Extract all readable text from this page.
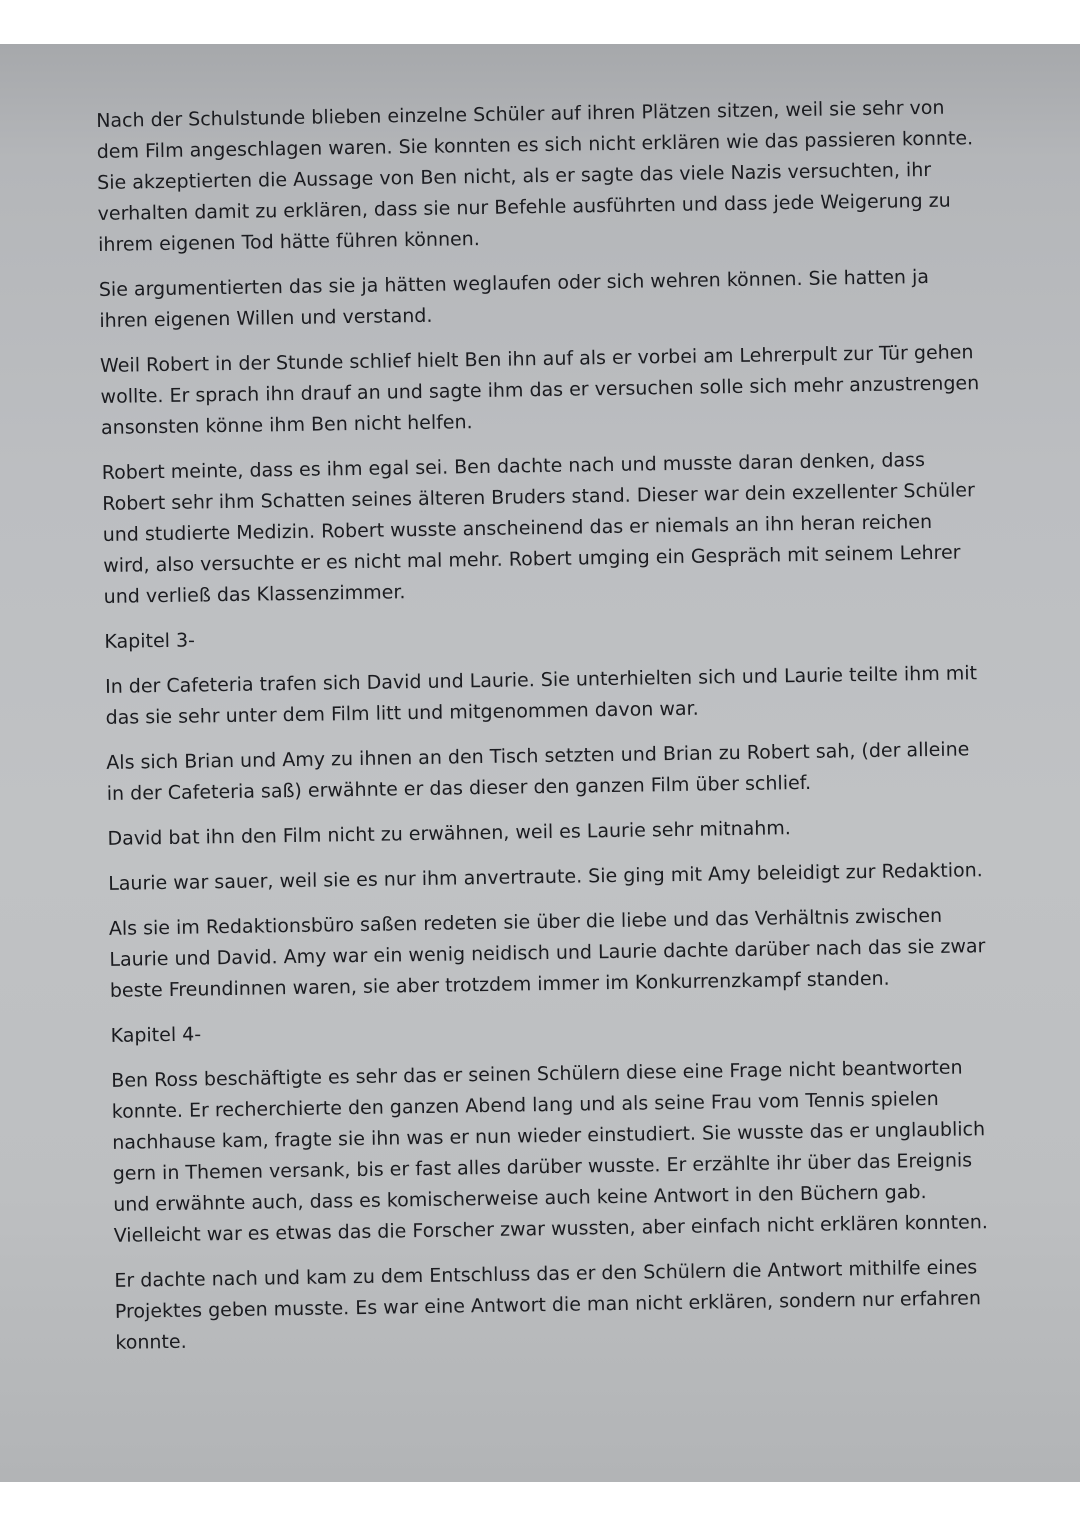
Nach der Schulstunde blieben einzelne Schüler auf ihren Plätzen sitzen, weil sie sehr von dem Film angeschlagen waren. Sie konnten es sich nicht erklären wie das passieren konnte. Sie akzeptierten die Aussage von Ben nicht, als er sagte das viele Nazis versuchten, ihr verhalten damit zu erklären, dass sie nur Befehle ausführten und dass jede Weigerung zu ihrem eigenen Tod hätte führen können.

Sie argumentierten das sie ja hätten weglaufen oder sich wehren können. Sie hatten ja ihren eigenen Willen und verstand.

Weil Robert in der Stunde schlief hielt Ben ihn auf als er vorbei am Lehrerpult zur Tür gehen wollte. Er sprach ihn drauf an und sagte ihm das er versuchen solle sich mehr anzustrengen ansonsten könne ihm Ben nicht helfen.

Robert meinte, dass es ihm egal sei. Ben dachte nach und musste daran denken, dass Robert sehr ihm Schatten seines älteren Bruders stand. Dieser war dein exzellenter Schüler und studierte Medizin. Robert wusste anscheinend das er niemals an ihn heran reichen wird, also versuchte er es nicht mal mehr. Robert umging ein Gespräch mit seinem Lehrer und verließ das Klassenzimmer.

Kapitel 3-

In der Cafeteria trafen sich David und Laurie. Sie unterhielten sich und Laurie teilte ihm mit das sie sehr unter dem Film litt und mitgenommen davon war.

Als sich Brian und Amy zu ihnen an den Tisch setzten und Brian zu Robert sah, (der alleine in der Cafeteria saß) erwähnte er das dieser den ganzen Film über schlief.

David bat ihn den Film nicht zu erwähnen, weil es Laurie sehr mitnahm.

Laurie war sauer, weil sie es nur ihm anvertraute. Sie ging mit Amy beleidigt zur Redaktion.

Als sie im Redaktionsbüro saßen redeten sie über die liebe und das Verhältnis zwischen Laurie und David. Amy war ein wenig neidisch und Laurie dachte darüber nach das sie zwar beste Freundinnen waren, sie aber trotzdem immer im Konkurrenzkampf standen.

Kapitel 4-

Ben Ross beschäftigte es sehr das er seinen Schülern diese eine Frage nicht beantworten konnte. Er recherchierte den ganzen Abend lang und als seine Frau vom Tennis spielen nachhause kam, fragte sie ihn was er nun wieder einstudiert. Sie wusste das er unglaublich gern in Themen versank, bis er fast alles darüber wusste. Er erzählte ihr über das Ereignis und erwähnte auch, dass es komischerweise auch keine Antwort in den Büchern gab. Vielleicht war es etwas das die Forscher zwar wussten, aber einfach nicht erklären konnten.

Er dachte nach und kam zu dem Entschluss das er den Schülern die Antwort mithilfe eines Projektes geben musste. Es war eine Antwort die man nicht erklären, sondern nur erfahren konnte.
